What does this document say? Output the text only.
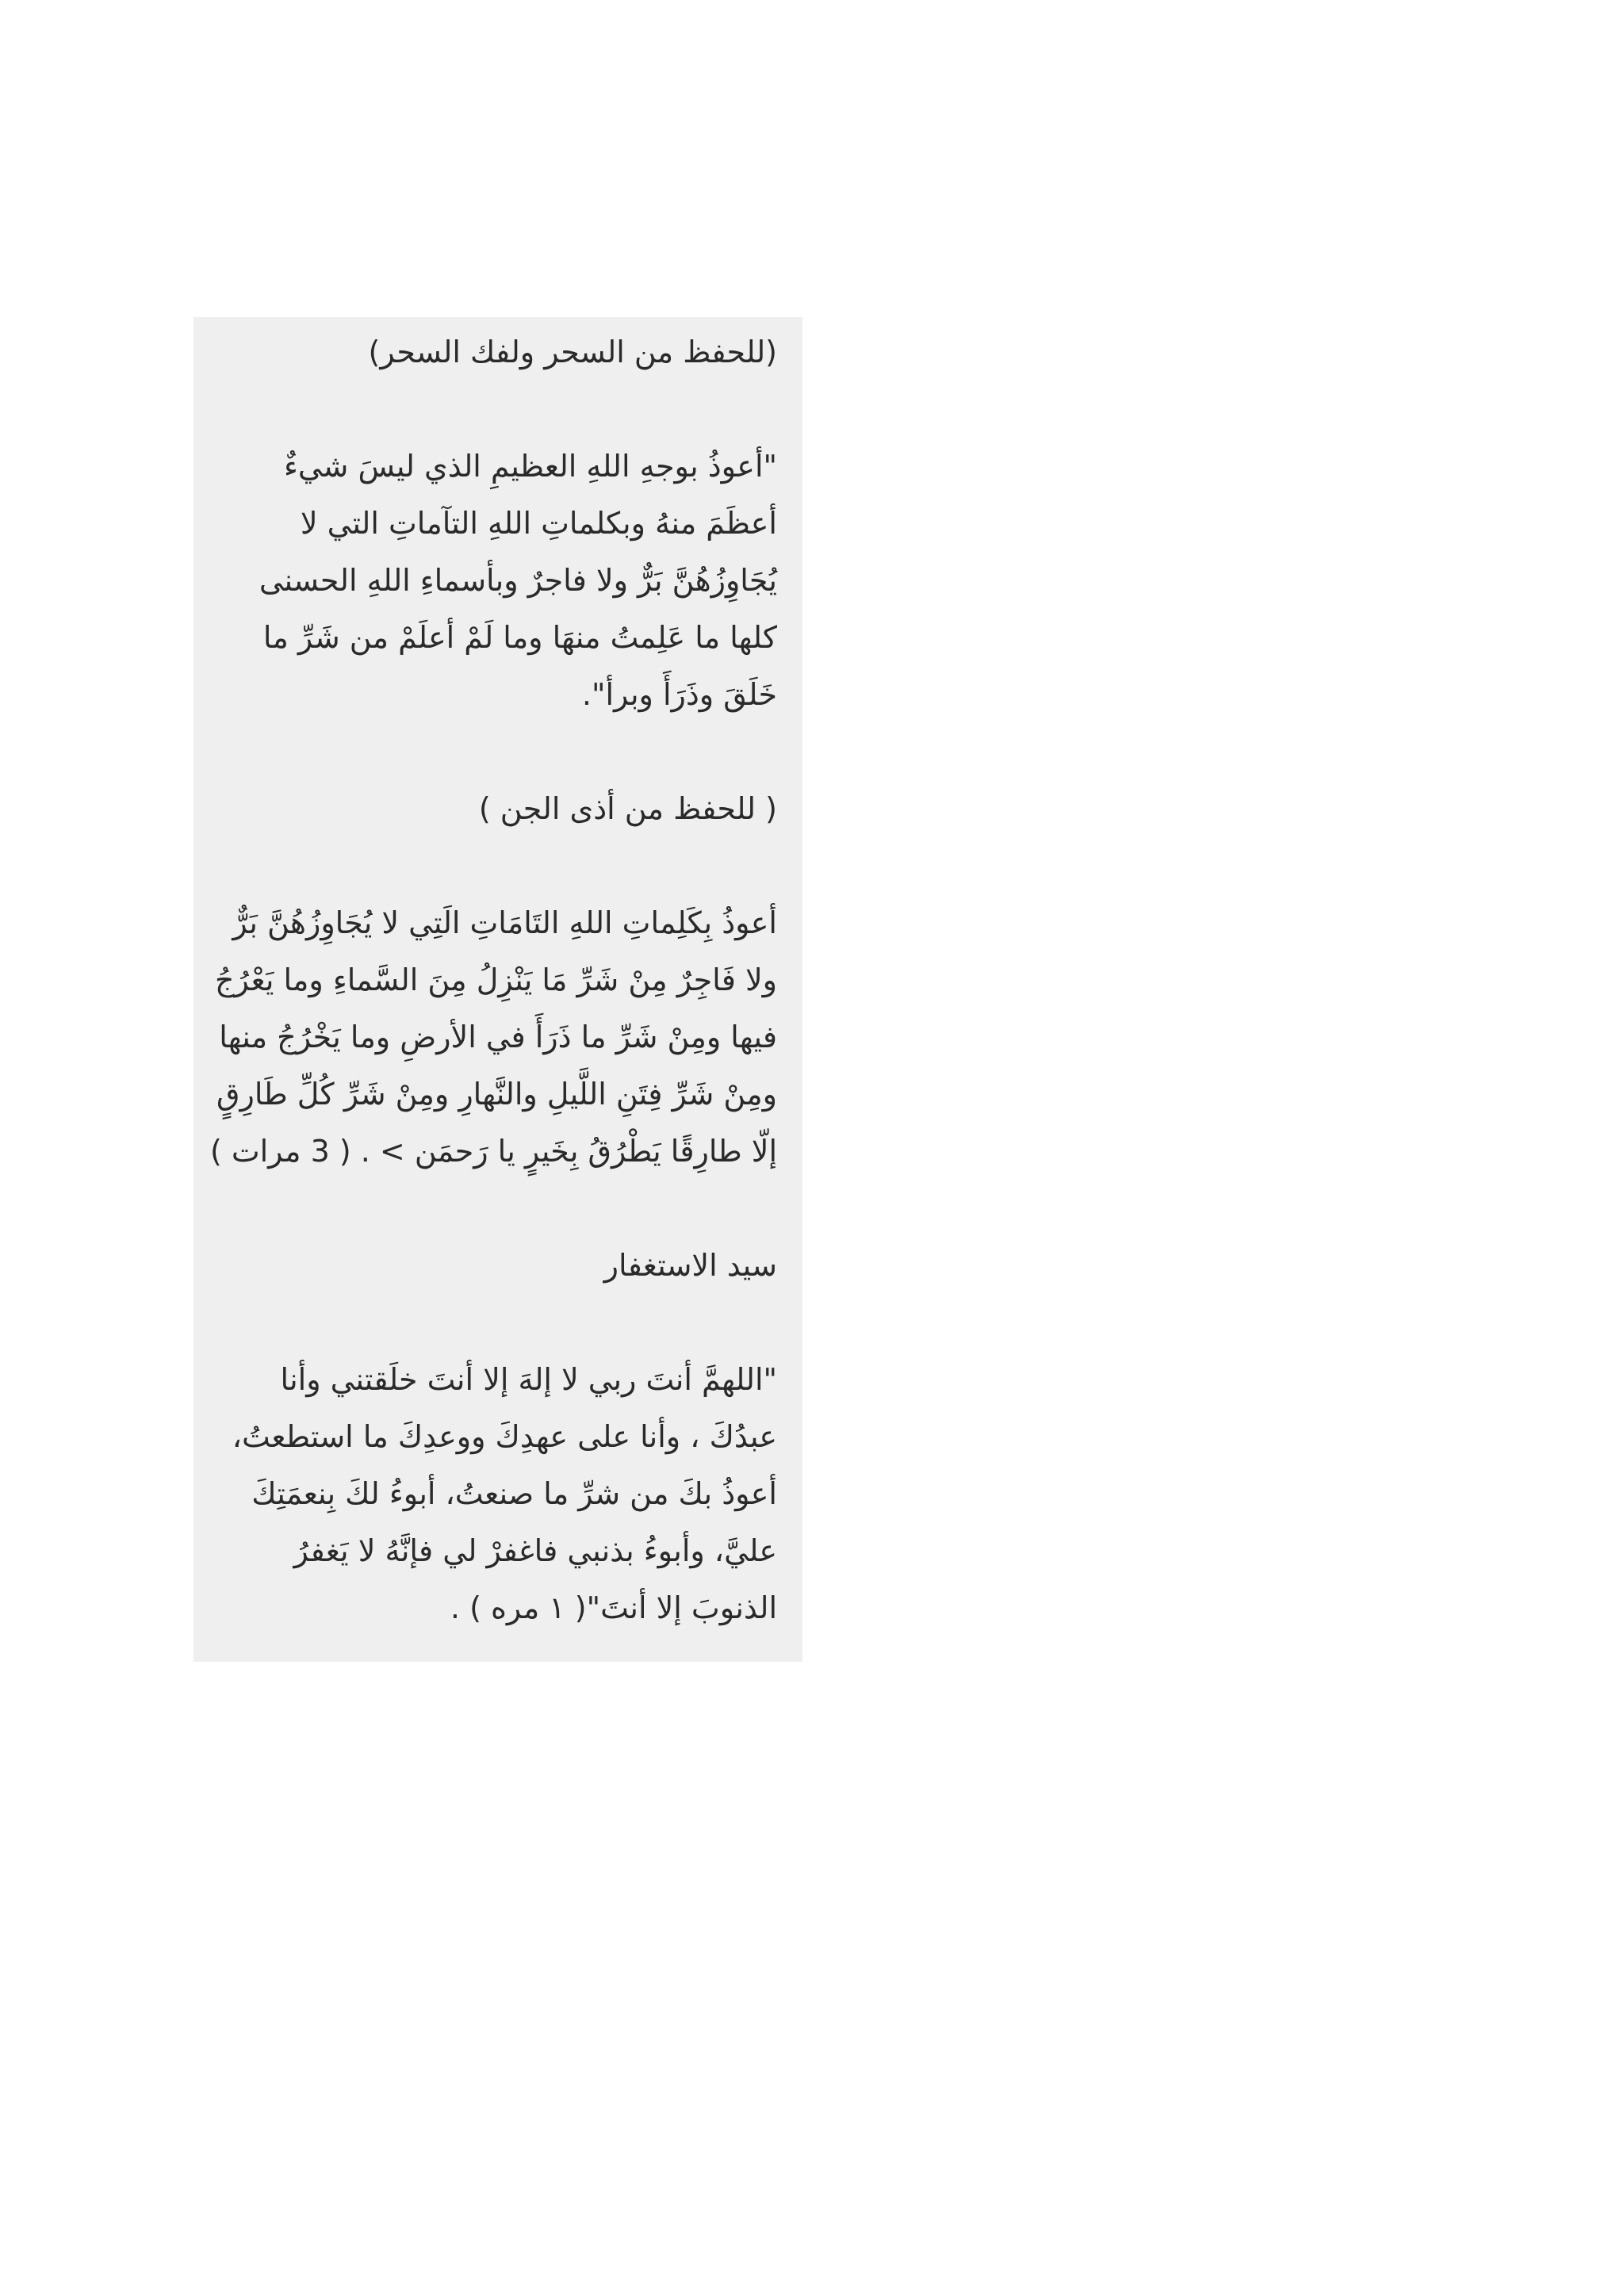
(للحفظ من السحر ولفك السحر)

"أعوذُ بوجهِ اللهِ العظيمِ الذي ليسَ شيءٌ أعظَمَ منهُ وبكلماتِ اللهِ التآماتِ التي لا يُجَاوِزُهُنَّ بَرٌّ ولا فاجرٌ وبأسماءِ اللهِ الحسنى كلها ما عَلِمتُ منهَا وما لَمْ أعلَمْ من شَرِّ ما خَلَقَ وذَرَأَ وبرأ".

( للحفظ من أذى الجن )

أعوذُ بِكَلِماتِ اللهِ التَامَاتِ الَتِي لا يُجَاوِزُهُنَّ بَرٌّ ولا فَاجِرٌ مِنْ شَرِّ مَا يَنْزِلُ مِنَ السَّماءِ وما يَعْرُجُ فيها ومِنْ شَرِّ ما ذَرَأَ في الأرضِ وما يَخْرُجُ منها ومِنْ شَرِّ فِتَنِ اللَّيلِ والنَّهارِ ومِنْ شَرِّ كُلِّ طَارِقٍ إلّا طارِقًا يَطْرُقُ بِخَيرٍ يا رَحمَن > . ( 3 مرات )

سيد الاستغفار

"اللهمَّ أنتَ ربي لا إلهَ إلا أنتَ خلَقتني وأنا عبدُكَ ، وأنا على عهدِكَ ووعدِكَ ما استطعتُ، أعوذُ بكَ من شرِّ ما صنعتُ، أبوءُ لكَ بِنعمَتِكَ عليَّ، وأبوءُ بذنبي فاغفرْ لي فإنَّهُ لا يَغفرُ الذنوبَ إلا أنتَ"( ١ مره ) .
